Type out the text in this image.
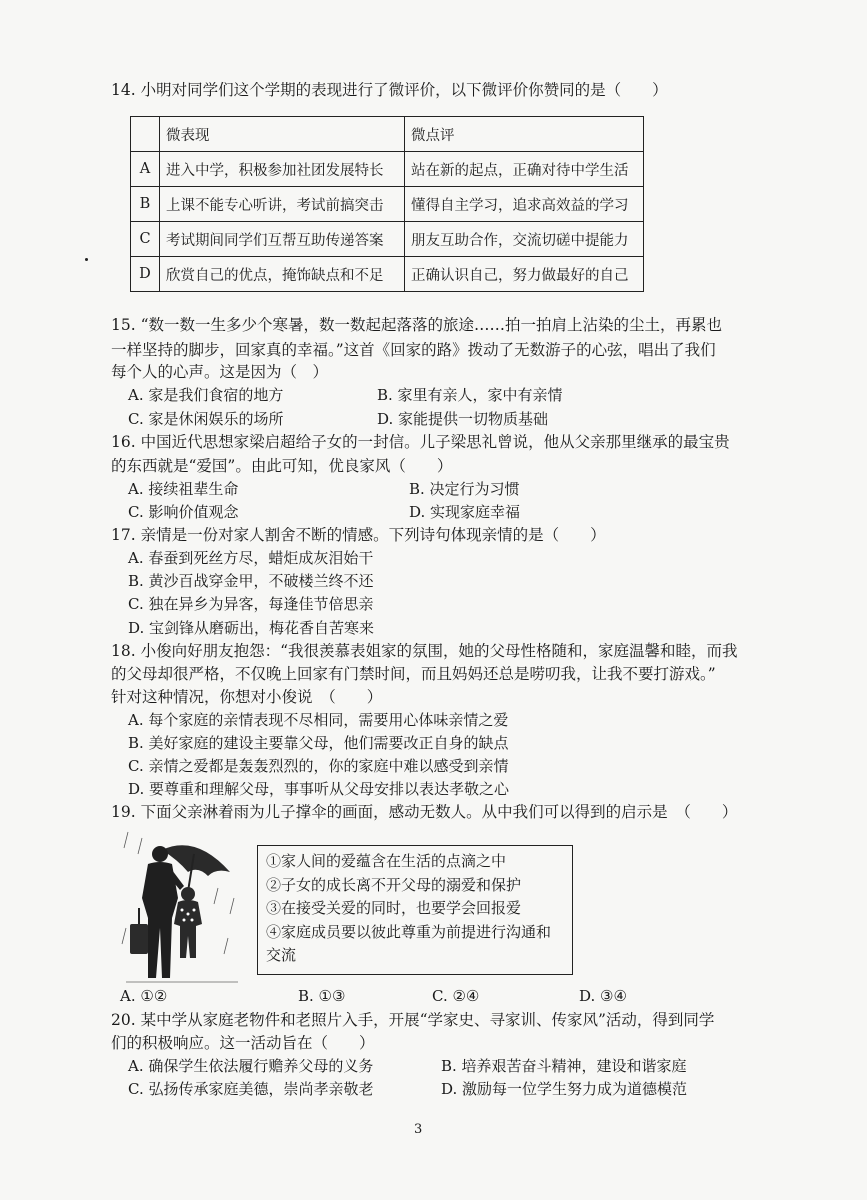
14. 小明对同学们这个学期的表现进行了微评价，以下微评价你赞同的是（　　）
	微表现	微点评
A	进入中学，积极参加社团发展特长	站在新的起点，正确对待中学生活
B	上课不能专心听讲，考试前搞突击	懂得自主学习，追求高效益的学习
C	考试期间同学们互帮互助传递答案	朋友互助合作，交流切磋中提能力
D	欣赏自己的优点，掩饰缺点和不足	正确认识自己，努力做最好的自己
15. “数一数一生多少个寒暑，数一数起起落落的旅途……拍一拍肩上沾染的尘土，再累也
一样坚持的脚步，回家真的幸福。”这首《回家的路》拨动了无数游子的心弦，唱出了我们
每个人的心声。这是因为（　）
A. 家是我们食宿的地方	B. 家里有亲人，家中有亲情
C. 家是休闲娱乐的场所	D. 家能提供一切物质基础
16. 中国近代思想家梁启超给子女的一封信。儿子梁思礼曾说，他从父亲那里继承的最宝贵
的东西就是“爱国”。由此可知，优良家风（　　）
A. 接续祖辈生命	B. 决定行为习惯
C. 影响价值观念	D. 实现家庭幸福
17. 亲情是一份对家人割舍不断的情感。下列诗句体现亲情的是（　　）
A. 春蚕到死丝方尽，蜡炬成灰泪始干
B. 黄沙百战穿金甲，不破楼兰终不还
C. 独在异乡为异客，每逢佳节倍思亲
D. 宝剑锋从磨砺出，梅花香自苦寒来
18. 小俊向好朋友抱怨：“我很羡慕表姐家的氛围，她的父母性格随和，家庭温馨和睦，而我
的父母却很严格，不仅晚上回家有门禁时间，而且妈妈还总是唠叨我，让我不要打游戏。”
针对这种情况，你想对小俊说　（　　）
A. 每个家庭的亲情表现不尽相同，需要用心体味亲情之爱
B. 美好家庭的建设主要靠父母，他们需要改正自身的缺点
C. 亲情之爱都是轰轰烈烈的，你的家庭中难以感受到亲情
D. 要尊重和理解父母，事事听从父母安排以表达孝敬之心
19. 下面父亲淋着雨为儿子撑伞的画面，感动无数人。从中我们可以得到的启示是　（　　）
①家人间的爱蕴含在生活的点滴之中
②子女的成长离不开父母的溺爱和保护
③在接受关爱的同时，也要学会回报爱
④家庭成员要以彼此尊重为前提进行沟通和
交流
A. ①②	B. ①③	C. ②④	D. ③④
20. 某中学从家庭老物件和老照片入手，开展“学家史、寻家训、传家风”活动，得到同学
们的积极响应。这一活动旨在（　　）
A. 确保学生依法履行赡养父母的义务	B. 培养艰苦奋斗精神，建设和谐家庭
C. 弘扬传承家庭美德，崇尚孝亲敬老	D. 激励每一位学生努力成为道德模范
3
